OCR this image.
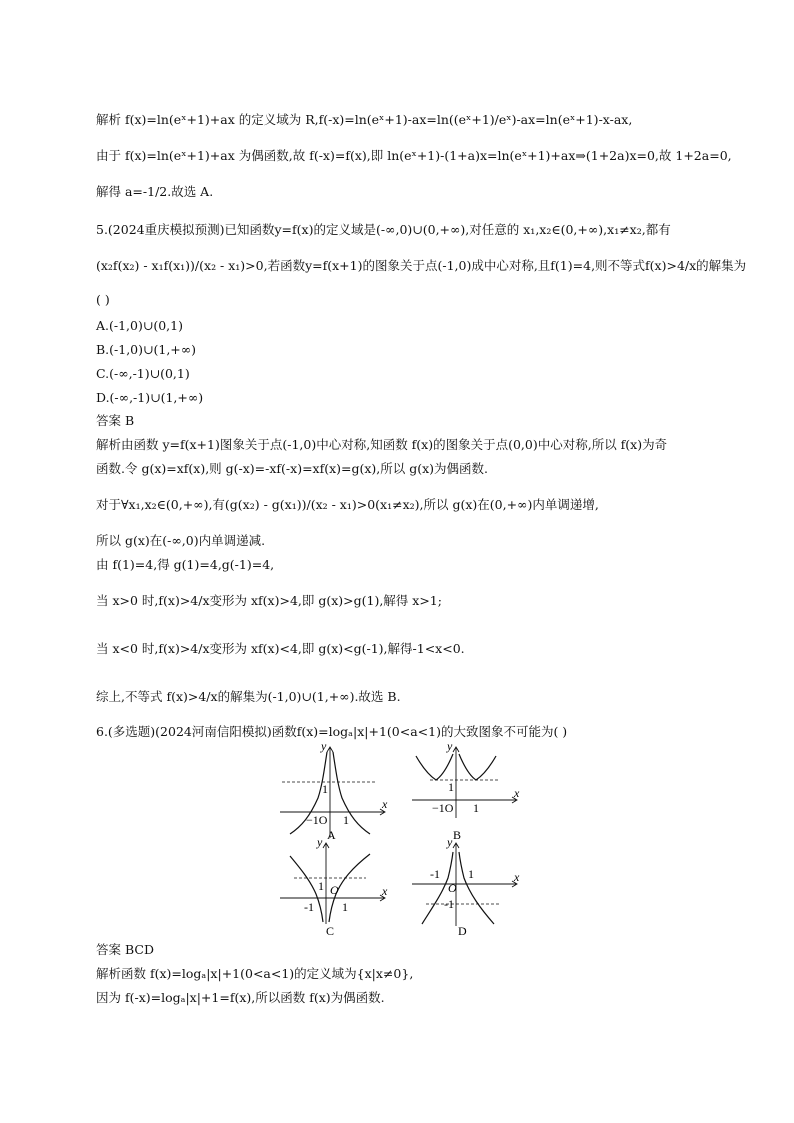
解析 f(x)=ln(eˣ+1)+ax 的定义域为 R,f(-x)=ln(eˣ+1)-ax=ln((eˣ+1)/eˣ)-ax=ln(eˣ+1)-x-ax,
由于 f(x)=ln(eˣ+1)+ax 为偶函数,故 f(-x)=f(x),即 ln(eˣ+1)-(1+a)x=ln(eˣ+1)+ax⇒(1+2a)x=0,故 1+2a=0,
解得 a=-1/2.故选 A.
5.(2024重庆模拟预测)已知函数y=f(x)的定义域是(-∞,0)∪(0,+∞),对任意的 x₁,x₂∈(0,+∞),x₁≠x₂,都有
(x₂f(x₂) - x₁f(x₁))/(x₂ - x₁)>0,若函数y=f(x+1)的图象关于点(-1,0)成中心对称,且f(1)=4,则不等式f(x)>4/x的解集为
( )
A.(-1,0)∪(0,1)
B.(-1,0)∪(1,+∞)
C.(-∞,-1)∪(0,1)
D.(-∞,-1)∪(1,+∞)
答案 B
解析由函数 y=f(x+1)图象关于点(-1,0)中心对称,知函数 f(x)的图象关于点(0,0)中心对称,所以 f(x)为奇
函数.令 g(x)=xf(x),则 g(-x)=-xf(-x)=xf(x)=g(x),所以 g(x)为偶函数.
对于∀x₁,x₂∈(0,+∞),有(g(x₂) - g(x₁))/(x₂ - x₁)>0(x₁≠x₂),所以 g(x)在(0,+∞)内单调递增,
所以 g(x)在(-∞,0)内单调递减.
由 f(1)=4,得 g(1)=4,g(-1)=4,
当 x>0 时,f(x)>4/x变形为 xf(x)>4,即 g(x)>g(1),解得 x>1;
当 x<0 时,f(x)>4/x变形为 xf(x)<4,即 g(x)<g(-1),解得-1<x<0.
综上,不等式 f(x)>4/x的解集为(-1,0)∪(1,+∞).故选 B.
6.(多选题)(2024河南信阳模拟)函数f(x)=logₐ|x|+1(0<a<1)的大致图象不可能为( )
y
x
1
−1O 1
A
y
x
1
−1O 1
B
y
x
1 O
-1 1
C
y
x
-1 1
O
-1
D
答案 BCD
解析函数 f(x)=logₐ|x|+1(0<a<1)的定义域为{x|x≠0},
因为 f(-x)=logₐ|x|+1=f(x),所以函数 f(x)为偶函数.
